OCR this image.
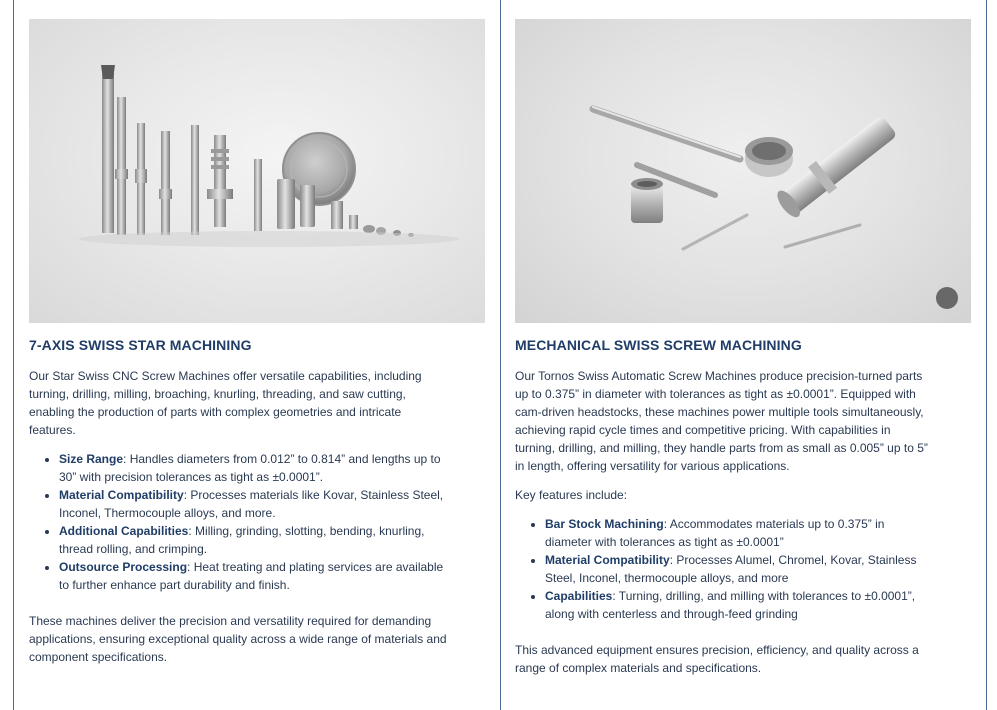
7-AXIS SWISS STAR MACHINING

Our Star Swiss CNC Screw Machines offer versatile capabilities, including turning, drilling, milling, broaching, knurling, threading, and saw cutting, enabling the production of parts with complex geometries and intricate features.

• Size Range: Handles diameters from 0.012” to 0.814” and lengths up to 30” with precision tolerances as tight as ±0.0001”.
• Material Compatibility: Processes materials like Kovar, Stainless Steel, Inconel, Thermocouple alloys, and more.
• Additional Capabilities: Milling, grinding, slotting, bending, knurling, thread rolling, and crimping.
• Outsource Processing: Heat treating and plating services are available to further enhance part durability and finish.

These machines deliver the precision and versatility required for demanding applications, ensuring exceptional quality across a wide range of materials and component specifications.

MECHANICAL SWISS SCREW MACHINING

Our Tornos Swiss Automatic Screw Machines produce precision-turned parts up to 0.375” in diameter with tolerances as tight as ±0.0001”. Equipped with cam-driven headstocks, these machines power multiple tools simultaneously, achieving rapid cycle times and competitive pricing. With capabilities in turning, drilling, and milling, they handle parts from as small as 0.005” up to 5” in length, offering versatility for various applications.

Key features include:

• Bar Stock Machining: Accommodates materials up to 0.375” in diameter with tolerances as tight as ±0.0001”
• Material Compatibility: Processes Alumel, Chromel, Kovar, Stainless Steel, Inconel, thermocouple alloys, and more
• Capabilities: Turning, drilling, and milling with tolerances to ±0.0001”, along with centerless and through-feed grinding

This advanced equipment ensures precision, efficiency, and quality across a range of complex materials and specifications.
